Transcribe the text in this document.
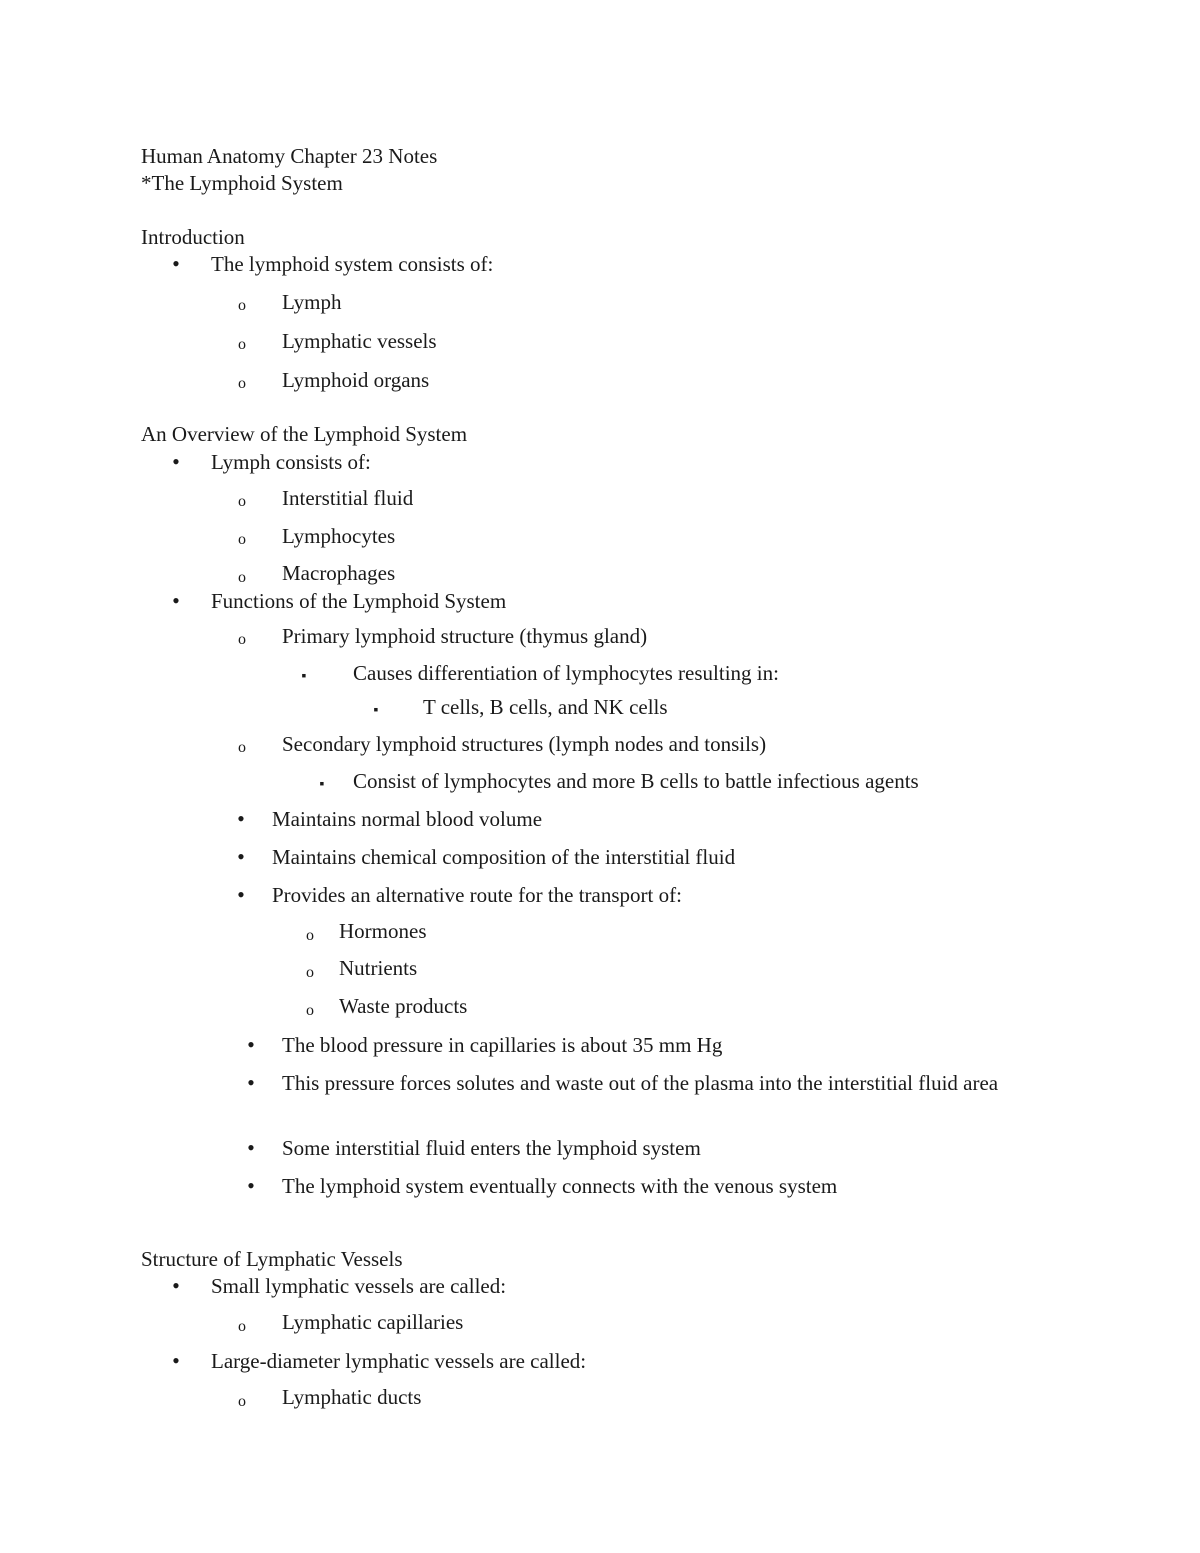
Human Anatomy Chapter 23 Notes
*The Lymphoid System
Introduction
•
The lymphoid system consists of:
o
Lymph
o
Lymphatic vessels
o
Lymphoid organs
An Overview of the Lymphoid System
•
Lymph consists of:
o
Interstitial fluid
o
Lymphocytes
o
Macrophages
•
Functions of the Lymphoid System
o
Primary lymphoid structure (thymus gland)
▪
Causes differentiation of lymphocytes resulting in:
▪
T cells, B cells, and NK cells
o
Secondary lymphoid structures (lymph nodes and tonsils)
▪
Consist of lymphocytes and more B cells to battle infectious agents
•
Maintains normal blood volume
•
Maintains chemical composition of the interstitial fluid
•
Provides an alternative route for the transport of:
o
Hormones
o
Nutrients
o
Waste products
•
The blood pressure in capillaries is about 35 mm Hg
•
This pressure forces solutes and waste out of the plasma into the interstitial fluid area
•
Some interstitial fluid enters the lymphoid system
•
The lymphoid system eventually connects with the venous system
Structure of Lymphatic Vessels
•
Small lymphatic vessels are called:
o
Lymphatic capillaries
•
Large-diameter lymphatic vessels are called:
o
Lymphatic ducts
